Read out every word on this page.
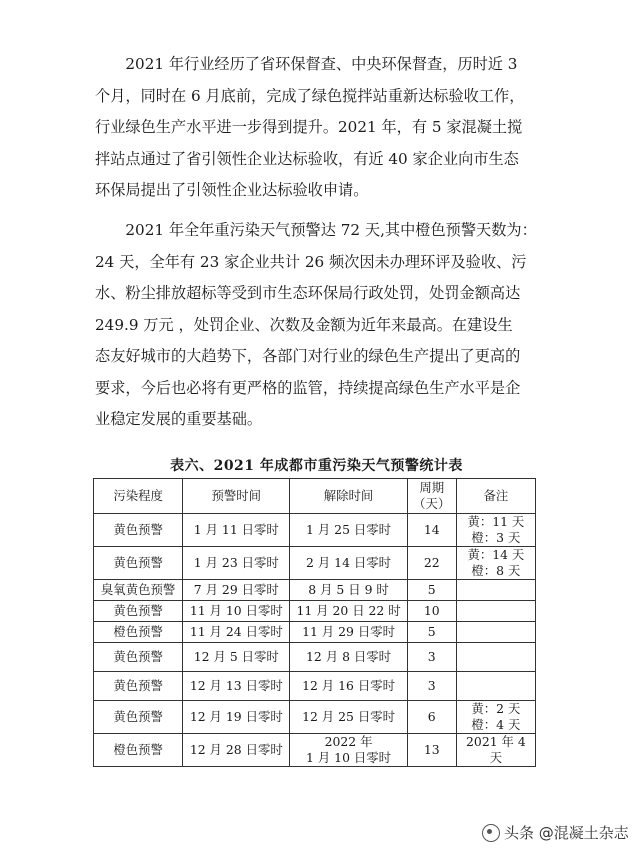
　　2021 年行业经历了省环保督查、中央环保督查，历时近 3
个月，同时在 6 月底前，完成了绿色搅拌站重新达标验收工作，
行业绿色生产水平进一步得到提升。2021 年，有 5 家混凝土搅
拌站点通过了省引领性企业达标验收，有近 40 家企业向市生态
环保局提出了引领性企业达标验收申请。
　　2021 年全年重污染天气预警达 72 天,其中橙色预警天数为：
24 天，全年有 23 家企业共计 26 频次因未办理环评及验收、污
水、粉尘排放超标等受到市生态环保局行政处罚，处罚金额高达
249.9 万元 ，处罚企业、次数及金额为近年来最高。在建设生
态友好城市的大趋势下，各部门对行业的绿色生产提出了更高的
要求，今后也必将有更严格的监管，持续提高绿色生产水平是企
业稳定发展的重要基础。
表六、2021 年成都市重污染天气预警统计表
污染程度	预警时间	解除时间	周期
（天）	备注
黄色预警	1 月 11 日零时	1 月 25 日零时	14	黄：11 天
橙：3 天
黄色预警	1 月 23 日零时	2 月 14 日零时	22	黄：14 天
橙：8 天
臭氧黄色预警	7 月 29 日零时	8 月 5 日 9 时	5	
黄色预警	11 月 10 日零时	11 月 20 日 22 时	10	
橙色预警	11 月 24 日零时	11 月 29 日零时	5	
黄色预警	12 月 5 日零时	12 月 8 日零时	3	
黄色预警	12 月 13 日零时	12 月 16 日零时	3	
黄色预警	12 月 19 日零时	12 月 25 日零时	6	黄：2 天
橙：4 天
橙色预警	12 月 28 日零时	2022 年
1 月 10 日零时	13	2021 年 4
天
头条 @混凝土杂志
